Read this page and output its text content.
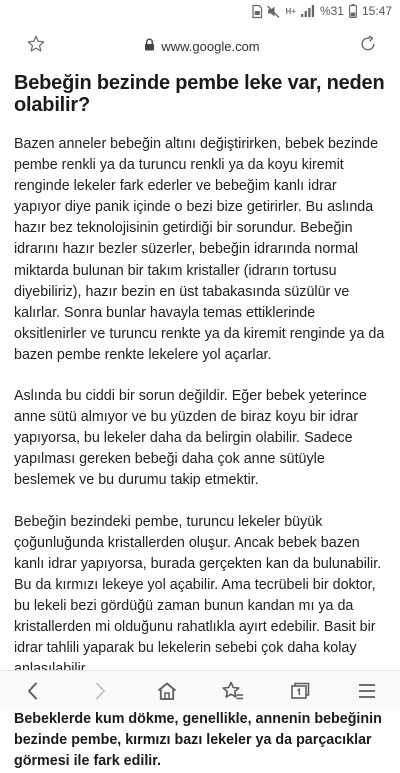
H+ %31 15:47
www.google.com
Bebeğin bezinde pembe leke var, neden olabilir?

Bazen anneler bebeğin altını değiştirirken, bebek bezinde pembe renkli ya da turuncu renkli ya da koyu kiremit renginde lekeler fark ederler ve bebeğim kanlı idrar yapıyor diye panik içinde o bezi bize getirirler. Bu aslında hazır bez teknolojisinin getirdiği bir sorundur. Bebeğin idrarını hazır bezler süzerler, bebeğin idrarında normal miktarda bulunan bir takım kristaller (idrarın tortusu diyebiliriz), hazır bezin en üst tabakasında süzülür ve kalırlar. Sonra bunlar havayla temas ettiklerinde oksitlenirler ve turuncu renkte ya da kiremit renginde ya da bazen pembe renkte lekelere yol açarlar.

Aslında bu ciddi bir sorun değildir. Eğer bebek yeterince anne sütü almıyor ve bu yüzden de biraz koyu bir idrar yapıyorsa, bu lekeler daha da belirgin olabilir. Sadece yapılması gereken bebeği daha çok anne sütüyle beslemek ve bu durumu takip etmektir.

Bebeğin bezindeki pembe, turuncu lekeler büyük çoğunluğunda kristallerden oluşur. Ancak bebek bazen kanlı idrar yapıyorsa, burada gerçekten kan da bulunabilir. Bu da kırmızı lekeye yol açabilir. Ama tecrübeli bir doktor, bu lekeli bezi gördüğü zaman bunun kandan mı ya da kristallerden mi olduğunu rahatlıkla ayırt edebilir. Basit bir idrar tahlili yaparak bu lekelerin sebebi çok daha kolay

Bebeklerde kum dökme, genellikle, annenin bebeğinin bezinde pembe, kırmızı bazı lekeler ya da parçacıklar görmesi ile fark edilir.
